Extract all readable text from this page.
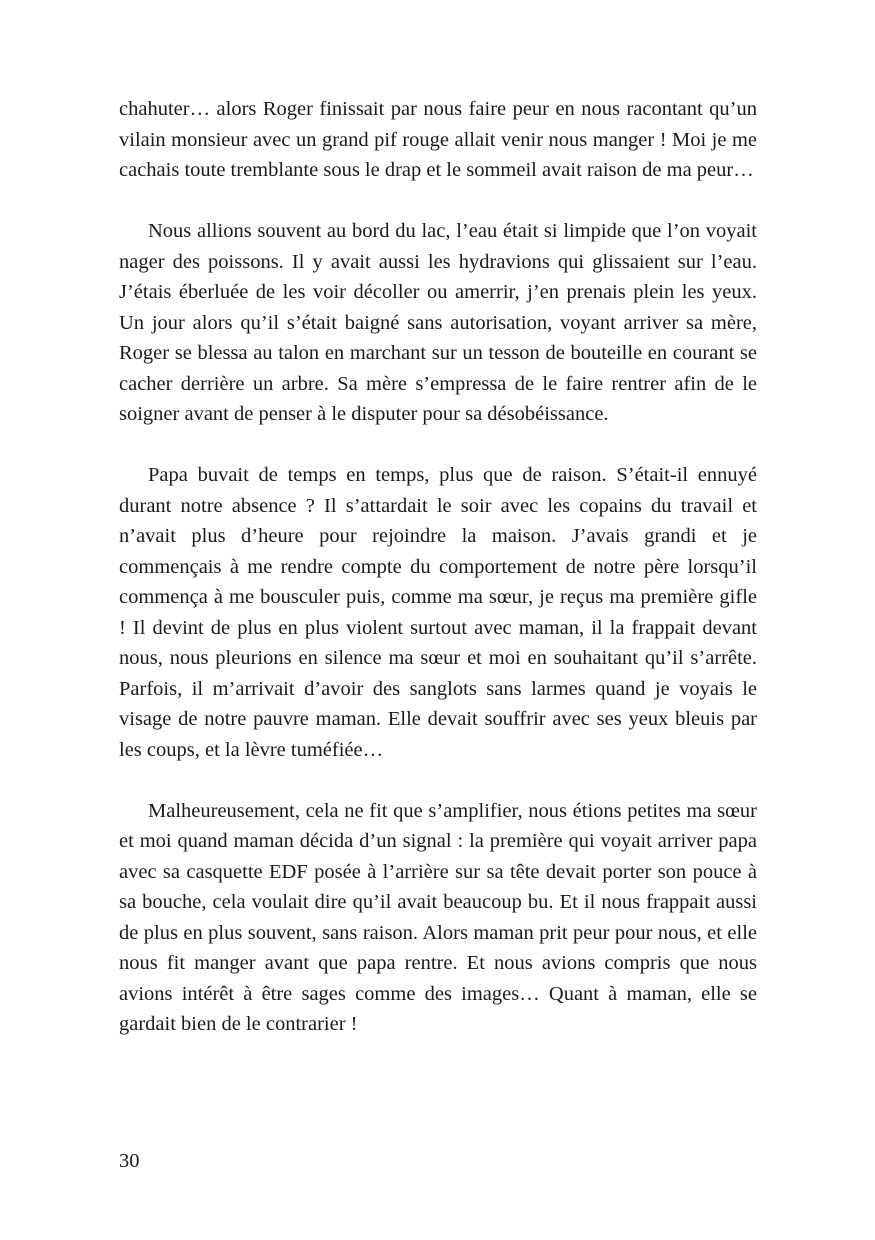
chahuter… alors Roger finissait par nous faire peur en nous racontant qu’un vilain monsieur avec un grand pif rouge allait venir nous manger ! Moi je me cachais toute tremblante sous le drap et le sommeil avait raison de ma peur…

Nous allions souvent au bord du lac, l’eau était si limpide que l’on voyait nager des poissons. Il y avait aussi les hydravions qui glissaient sur l’eau. J’étais éberluée de les voir décoller ou amerrir, j’en prenais plein les yeux. Un jour alors qu’il s’était baigné sans autorisation, voyant arriver sa mère, Roger se blessa au talon en marchant sur un tesson de bouteille en courant se cacher derrière un arbre. Sa mère s’empressa de le faire rentrer afin de le soigner avant de penser à le disputer pour sa désobéissance.

Papa buvait de temps en temps, plus que de raison. S’était-il ennuyé durant notre absence ? Il s’attardait le soir avec les copains du travail et n’avait plus d’heure pour rejoindre la maison. J’avais grandi et je commençais à me rendre compte du comportement de notre père lorsqu’il commença à me bousculer puis, comme ma sœur, je reçus ma première gifle ! Il devint de plus en plus violent surtout avec maman, il la frappait devant nous, nous pleurions en silence ma sœur et moi en souhaitant qu’il s’arrête. Parfois, il m’arrivait d’avoir des sanglots sans larmes quand je voyais le visage de notre pauvre maman. Elle devait souffrir avec ses yeux bleuis par les coups, et la lèvre tuméfiée…

Malheureusement, cela ne fit que s’amplifier, nous étions petites ma sœur et moi quand maman décida d’un signal : la première qui voyait arriver papa avec sa casquette EDF posée à l’arrière sur sa tête devait porter son pouce à sa bouche, cela voulait dire qu’il avait beaucoup bu. Et il nous frappait aussi de plus en plus souvent, sans raison. Alors maman prit peur pour nous, et elle nous fit manger avant que papa rentre. Et nous avions compris que nous avions intérêt à être sages comme des images… Quant à maman, elle se gardait bien de le contrarier !

30
